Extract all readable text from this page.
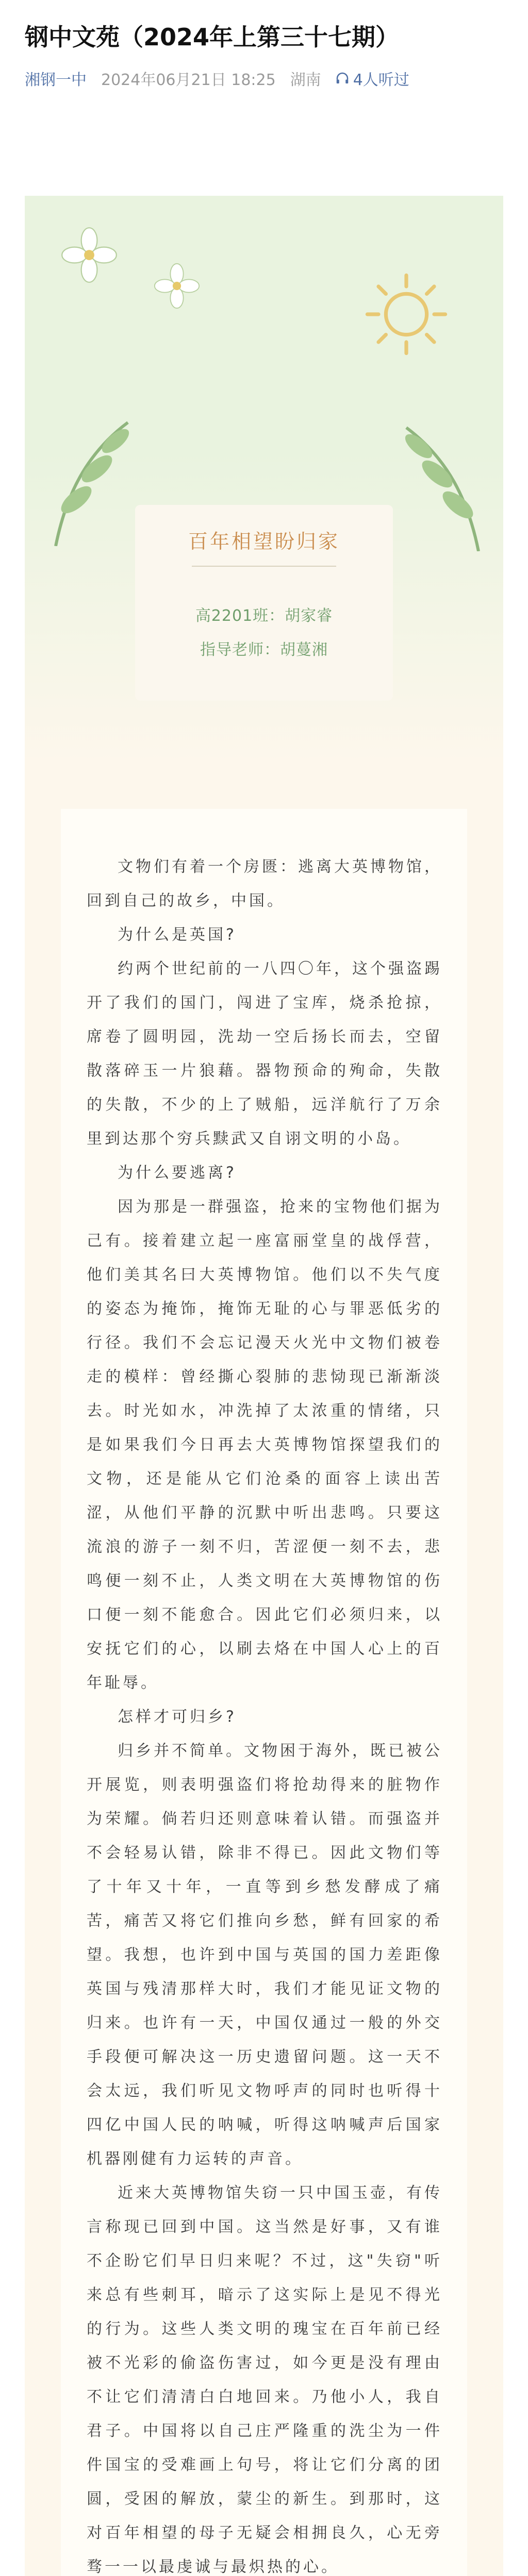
钢中文苑（2024年上第三十七期）
湘钢一中 2024年06月21日 18:25 湖南 4人听过
百年相望盼归家
高2201班：胡家睿
指导老师：胡蔓湘

文物们有着一个房匮：逃离大英博物馆，回到自己的故乡，中国。

为什么是英国?

约两个世纪前的一八四〇年，这个强盗踢开了我们的国门，闯进了宝库，烧杀抢掠，席卷了圆明园，洗劫一空后扬长而去，空留散落碎玉一片狼藉。器物预命的殉命，失散的失散，不少的上了贼船，远洋航行了万余里到达那个穷兵黩武又自诩文明的小岛。

为什么要逃离?

因为那是一群强盗，抢来的宝物他们据为己有。接着建立起一座富丽堂皇的战俘营，他们美其名曰大英博物馆。他们以不失气度的姿态为掩饰，掩饰无耻的心与罪恶低劣的行径。我们不会忘记漫天火光中文物们被卷走的模样：曾经撕心裂肺的悲恸现已渐渐淡去。时光如水，冲洗掉了太浓重的情绪，只是如果我们今日再去大英博物馆探望我们的文物，还是能从它们沧桑的面容上读出苦涩，从他们平静的沉默中听出悲鸣。只要这流浪的游子一刻不归，苦涩便一刻不去，悲鸣便一刻不止，人类文明在大英博物馆的伤口便一刻不能愈合。因此它们必须归来，以安抚它们的心，以刷去烙在中国人心上的百年耻辱。

怎样才可归乡?

归乡并不简单。文物困于海外，既已被公开展览，则表明强盗们将抢劫得来的脏物作为荣耀。倘若归还则意味着认错。而强盗并不会轻易认错，除非不得已。因此文物们等了十年又十年，一直等到乡愁发酵成了痛苦，痛苦又将它们推向乡愁，鲜有回家的希望。我想，也许到中国与英国的国力差距像英国与残清那样大时，我们才能见证文物的归来。也许有一天，中国仅通过一般的外交手段便可解决这一历史遗留问题。这一天不会太远，我们听见文物呼声的同时也听得十四亿中国人民的呐喊，听得这呐喊声后国家机器刚健有力运转的声音。

近来大英博物馆失窃一只中国玉壶，有传言称现已回到中国。这当然是好事，又有谁不企盼它们早日归来呢？不过，这"失窃"听来总有些刺耳，暗示了这实际上是见不得光的行为。这些人类文明的瑰宝在百年前已经被不光彩的偷盗伤害过，如今更是没有理由不让它们清清白白地回来。乃他小人，我自君子。中国将以自己庄严隆重的洗尘为一件件国宝的受难画上句号，将让它们分离的团圆，受困的解放，蒙尘的新生。到那时，这对百年相望的母子无疑会相拥良久，心无旁骛一一以最虔诚与最炽热的心。
